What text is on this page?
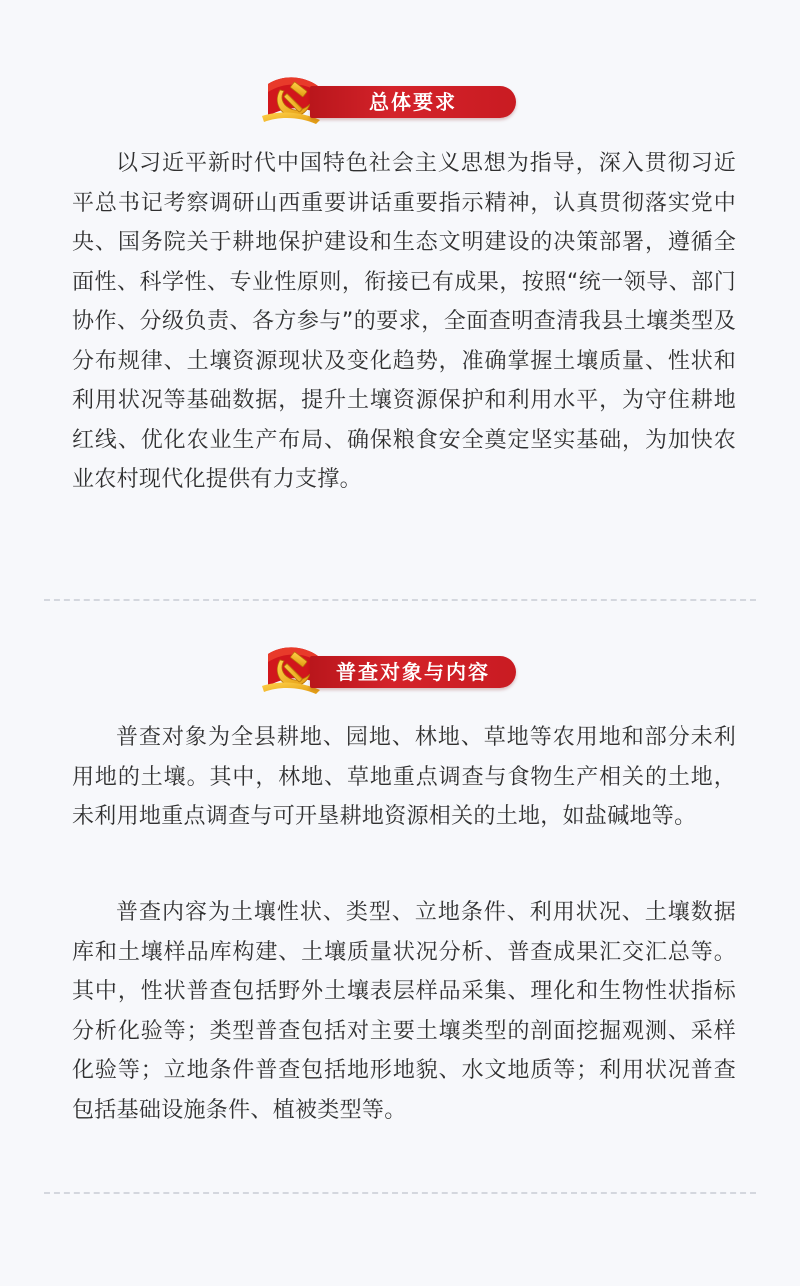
总体要求

以习近平新时代中国特色社会主义思想为指导，深入贯彻习近平总书记考察调研山西重要讲话重要指示精神，认真贯彻落实党中央、国务院关于耕地保护建设和生态文明建设的决策部署，遵循全面性、科学性、专业性原则，衔接已有成果，按照“统一领导、部门协作、分级负责、各方参与”的要求，全面查明查清我县土壤类型及分布规律、土壤资源现状及变化趋势，准确掌握土壤质量、性状和利用状况等基础数据，提升土壤资源保护和利用水平，为守住耕地红线、优化农业生产布局、确保粮食安全奠定坚实基础，为加快农业农村现代化提供有力支撑。

普查对象与内容

普查对象为全县耕地、园地、林地、草地等农用地和部分未利用地的土壤。其中，林地、草地重点调查与食物生产相关的土地，未利用地重点调查与可开垦耕地资源相关的土地，如盐碱地等。

普查内容为土壤性状、类型、立地条件、利用状况、土壤数据库和土壤样品库构建、土壤质量状况分析、普查成果汇交汇总等。其中，性状普查包括野外土壤表层样品采集、理化和生物性状指标分析化验等；类型普查包括对主要土壤类型的剖面挖掘观测、采样化验等；立地条件普查包括地形地貌、水文地质等；利用状况普查包括基础设施条件、植被类型等。
